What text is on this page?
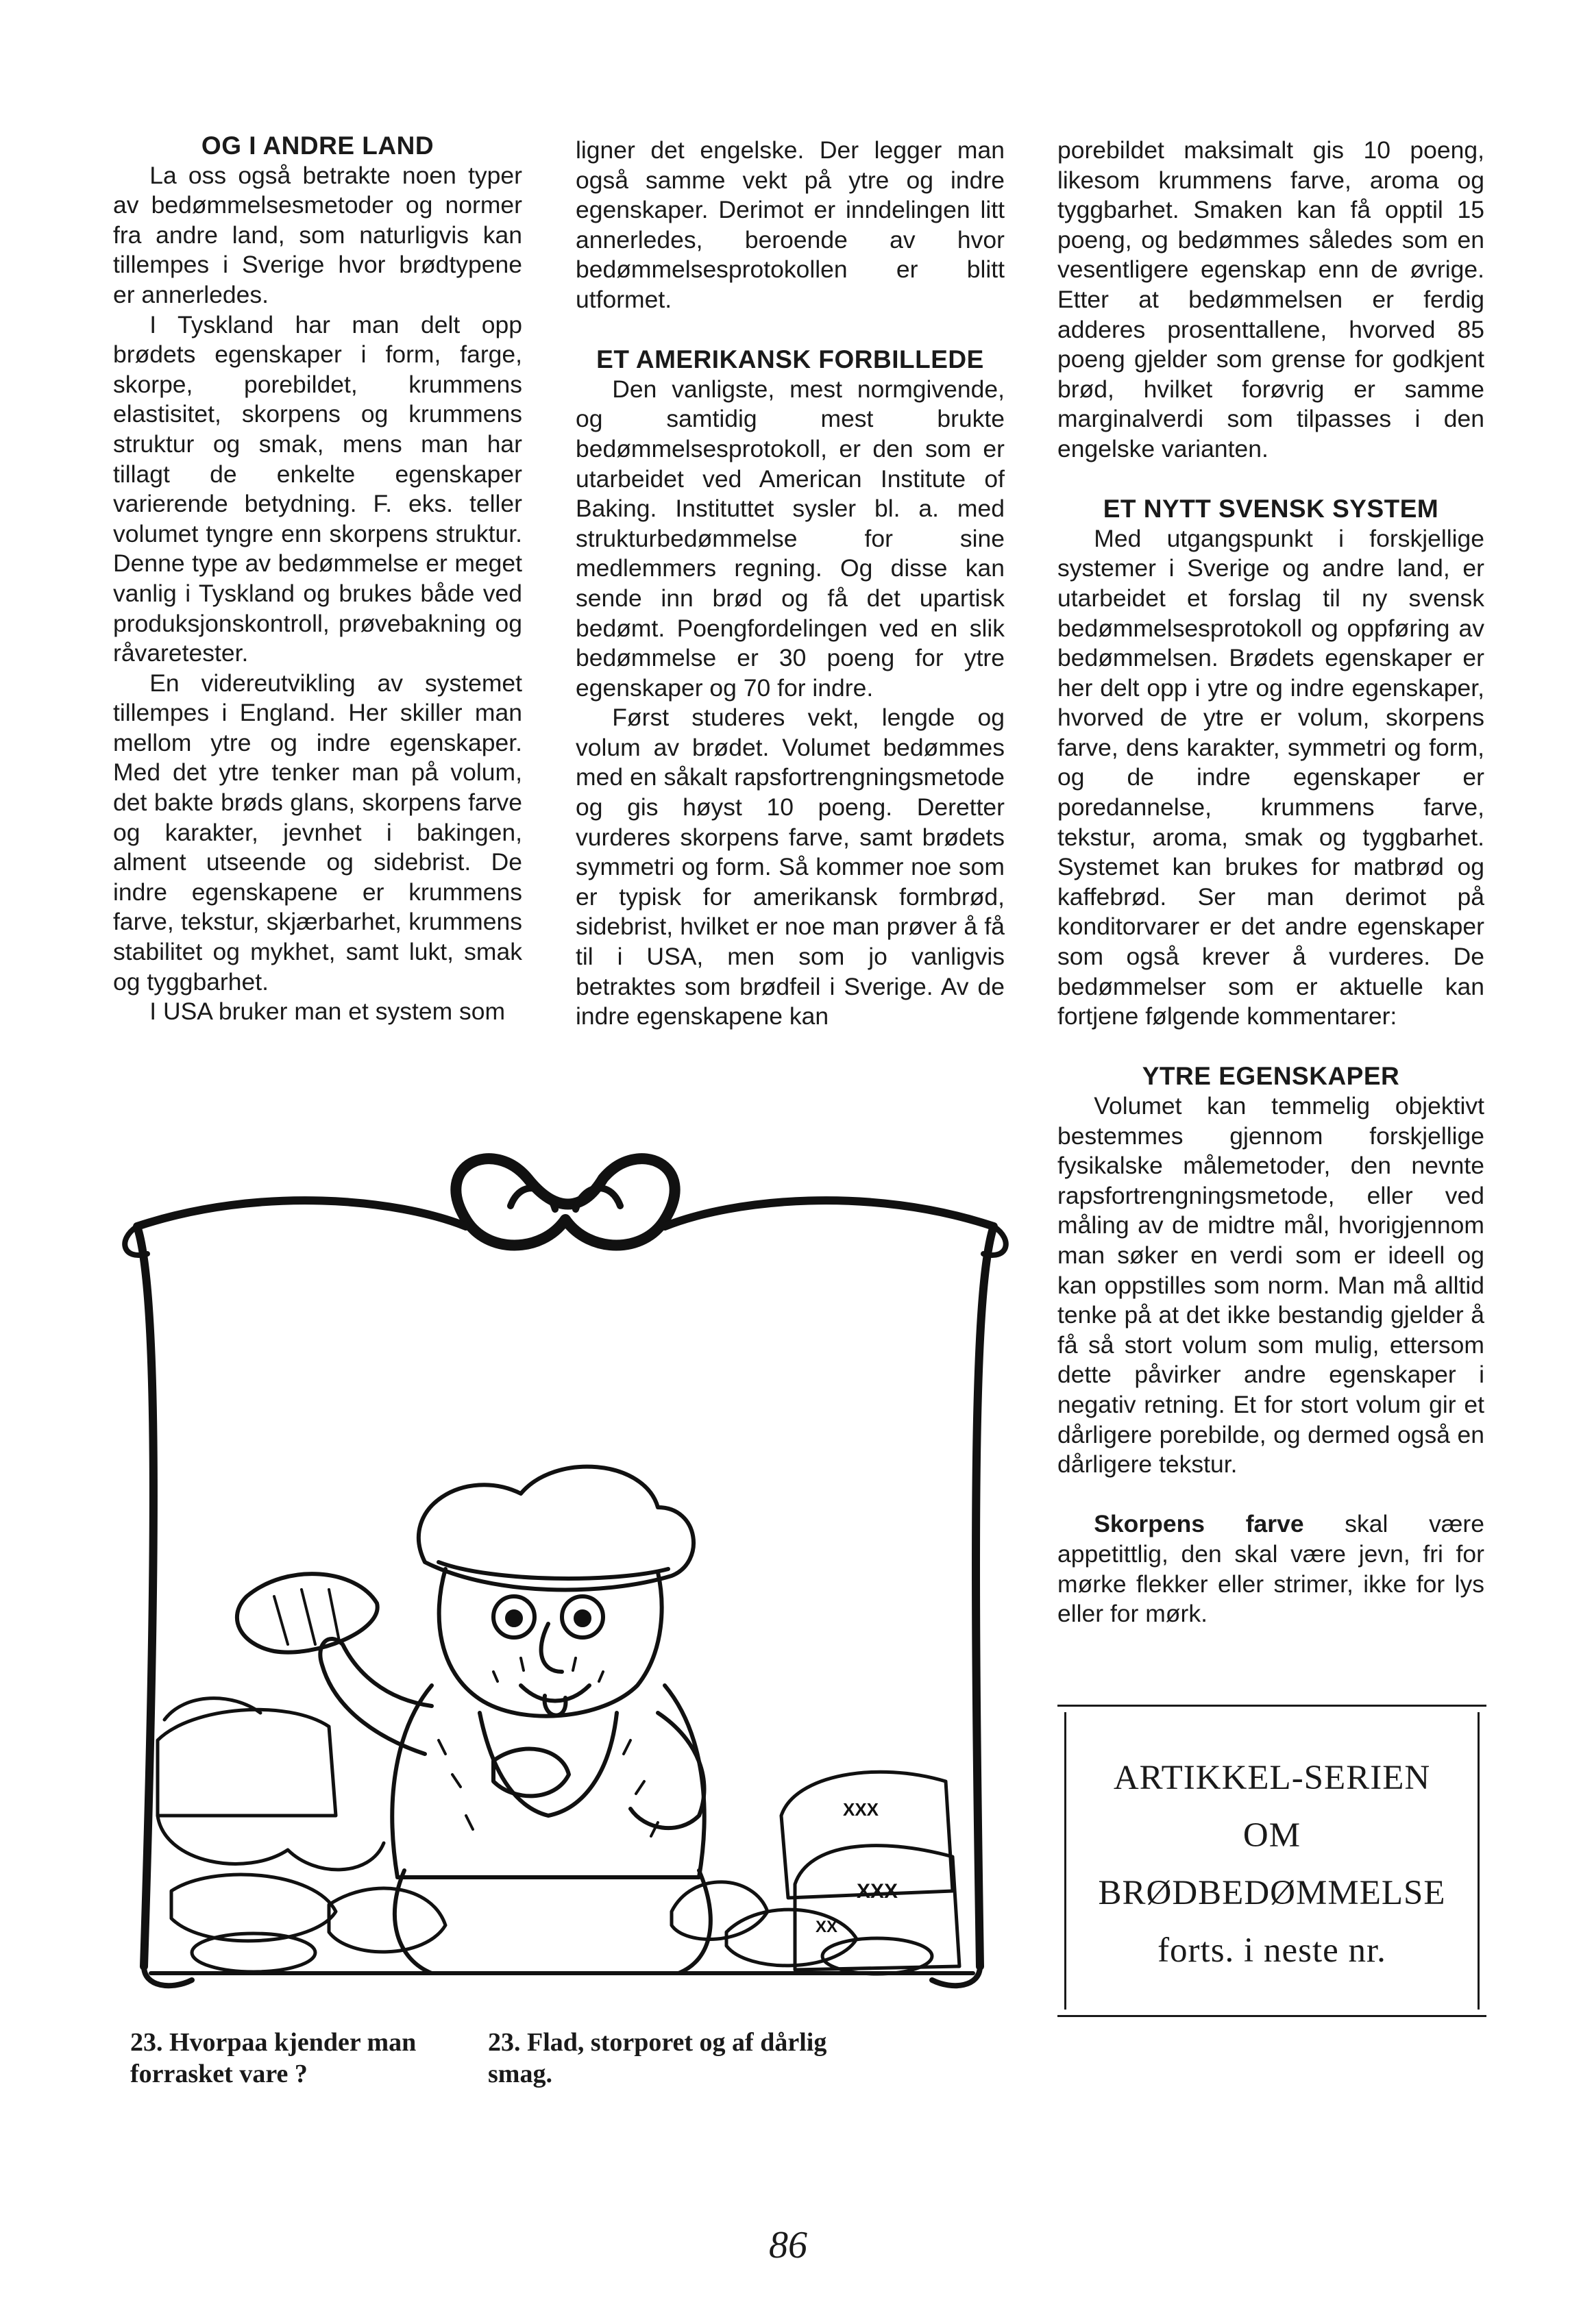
OG I ANDRE LAND

La oss også betrakte noen typer av bedømmelsesmetoder og normer fra andre land, som naturligvis kan tillempes i Sverige hvor brødtypene er annerledes.

I Tyskland har man delt opp brødets egenskaper i form, farge, skorpe, porebildet, krummens elastisitet, skorpens og krummens struktur og smak, mens man har tillagt de enkelte egenskaper varierende betydning. F. eks. teller volumet tyngre enn skorpens struktur. Denne type av bedømmelse er meget vanlig i Tyskland og brukes både ved produksjonskontroll, prøvebakning og råvaretester.

En videreutvikling av systemet tillempes i England. Her skiller man mellom ytre og indre egenskaper. Med det ytre tenker man på volum, det bakte brøds glans, skorpens farve og karakter, jevnhet i bakingen, alment utseende og sidebrist. De indre egenskapene er krummens farve, tekstur, skjærbarhet, krummens stabilitet og mykhet, samt lukt, smak og tyggbarhet.

I USA bruker man et system som

ligner det engelske. Der legger man også samme vekt på ytre og indre egenskaper. Derimot er inndelingen litt annerledes, beroende av hvor bedømmelsesprotokollen er blitt utformet.

ET AMERIKANSK FORBILLEDE

Den vanligste, mest normgivende, og samtidig mest brukte bedømmelsesprotokoll, er den som er utarbeidet ved American Institute of Baking. Instituttet sysler bl. a. med strukturbedømmelse for sine medlemmers regning. Og disse kan sende inn brød og få det upartisk bedømt. Poengfordelingen ved en slik bedømmelse er 30 poeng for ytre egenskaper og 70 for indre.

Først studeres vekt, lengde og volum av brødet. Volumet bedømmes med en såkalt rapsfortrengningsmetode og gis høyst 10 poeng. Deretter vurderes skorpens farve, samt brødets symmetri og form. Så kommer noe som er typisk for amerikansk formbrød, sidebrist, hvilket er noe man prøver å få til i USA, men som jo vanligvis betraktes som brødfeil i Sverige. Av de indre egenskapene kan

porebildet maksimalt gis 10 poeng, likesom krummens farve, aroma og tyggbarhet. Smaken kan få opptil 15 poeng, og bedømmes således som en vesentligere egenskap enn de øvrige. Etter at bedømmelsen er ferdig adderes prosenttallene, hvorved 85 poeng gjelder som grense for godkjent brød, hvilket forøvrig er samme marginalverdi som tilpasses i den engelske varianten.

ET NYTT SVENSK SYSTEM

Med utgangspunkt i forskjellige systemer i Sverige og andre land, er utarbeidet et forslag til ny svensk bedømmelsesprotokoll og oppføring av bedømmelsen. Brødets egenskaper er her delt opp i ytre og indre egenskaper, hvorved de ytre er volum, skorpens farve, dens karakter, symmetri og form, og de indre egenskaper er poredannelse, krummens farve, tekstur, aroma, smak og tyggbarhet. Systemet kan brukes for matbrød og kaffebrød. Ser man derimot på konditorvarer er det andre egenskaper som også krever å vurderes. De bedømmelser som er aktuelle kan fortjene følgende kommentarer:

YTRE EGENSKAPER

Volumet kan temmelig objektivt bestemmes gjennom forskjellige fysikalske målemetoder, den nevnte rapsfortrengningsmetode, eller ved måling av de midtre mål, hvorigjennom man søker en verdi som er ideell og kan oppstilles som norm. Man må alltid tenke på at det ikke bestandig gjelder å få så stort volum som mulig, ettersom dette påvirker andre egenskaper i negativ retning. Et for stort volum gir et dårligere porebilde, og dermed også en dårligere tekstur.

Skorpens farve skal være appetittlig, den skal være jevn, fri for mørke flekker eller strimer, ikke for lys eller for mørk.

XXX
XXX
XX
23. Hvorpaa kjender man forrasket vare ?
23. Flad, storporet og af dårlig smag.
ARTIKKEL-SERIEN
OM
BRØDBEDØMMELSE
forts. i neste nr.
86
